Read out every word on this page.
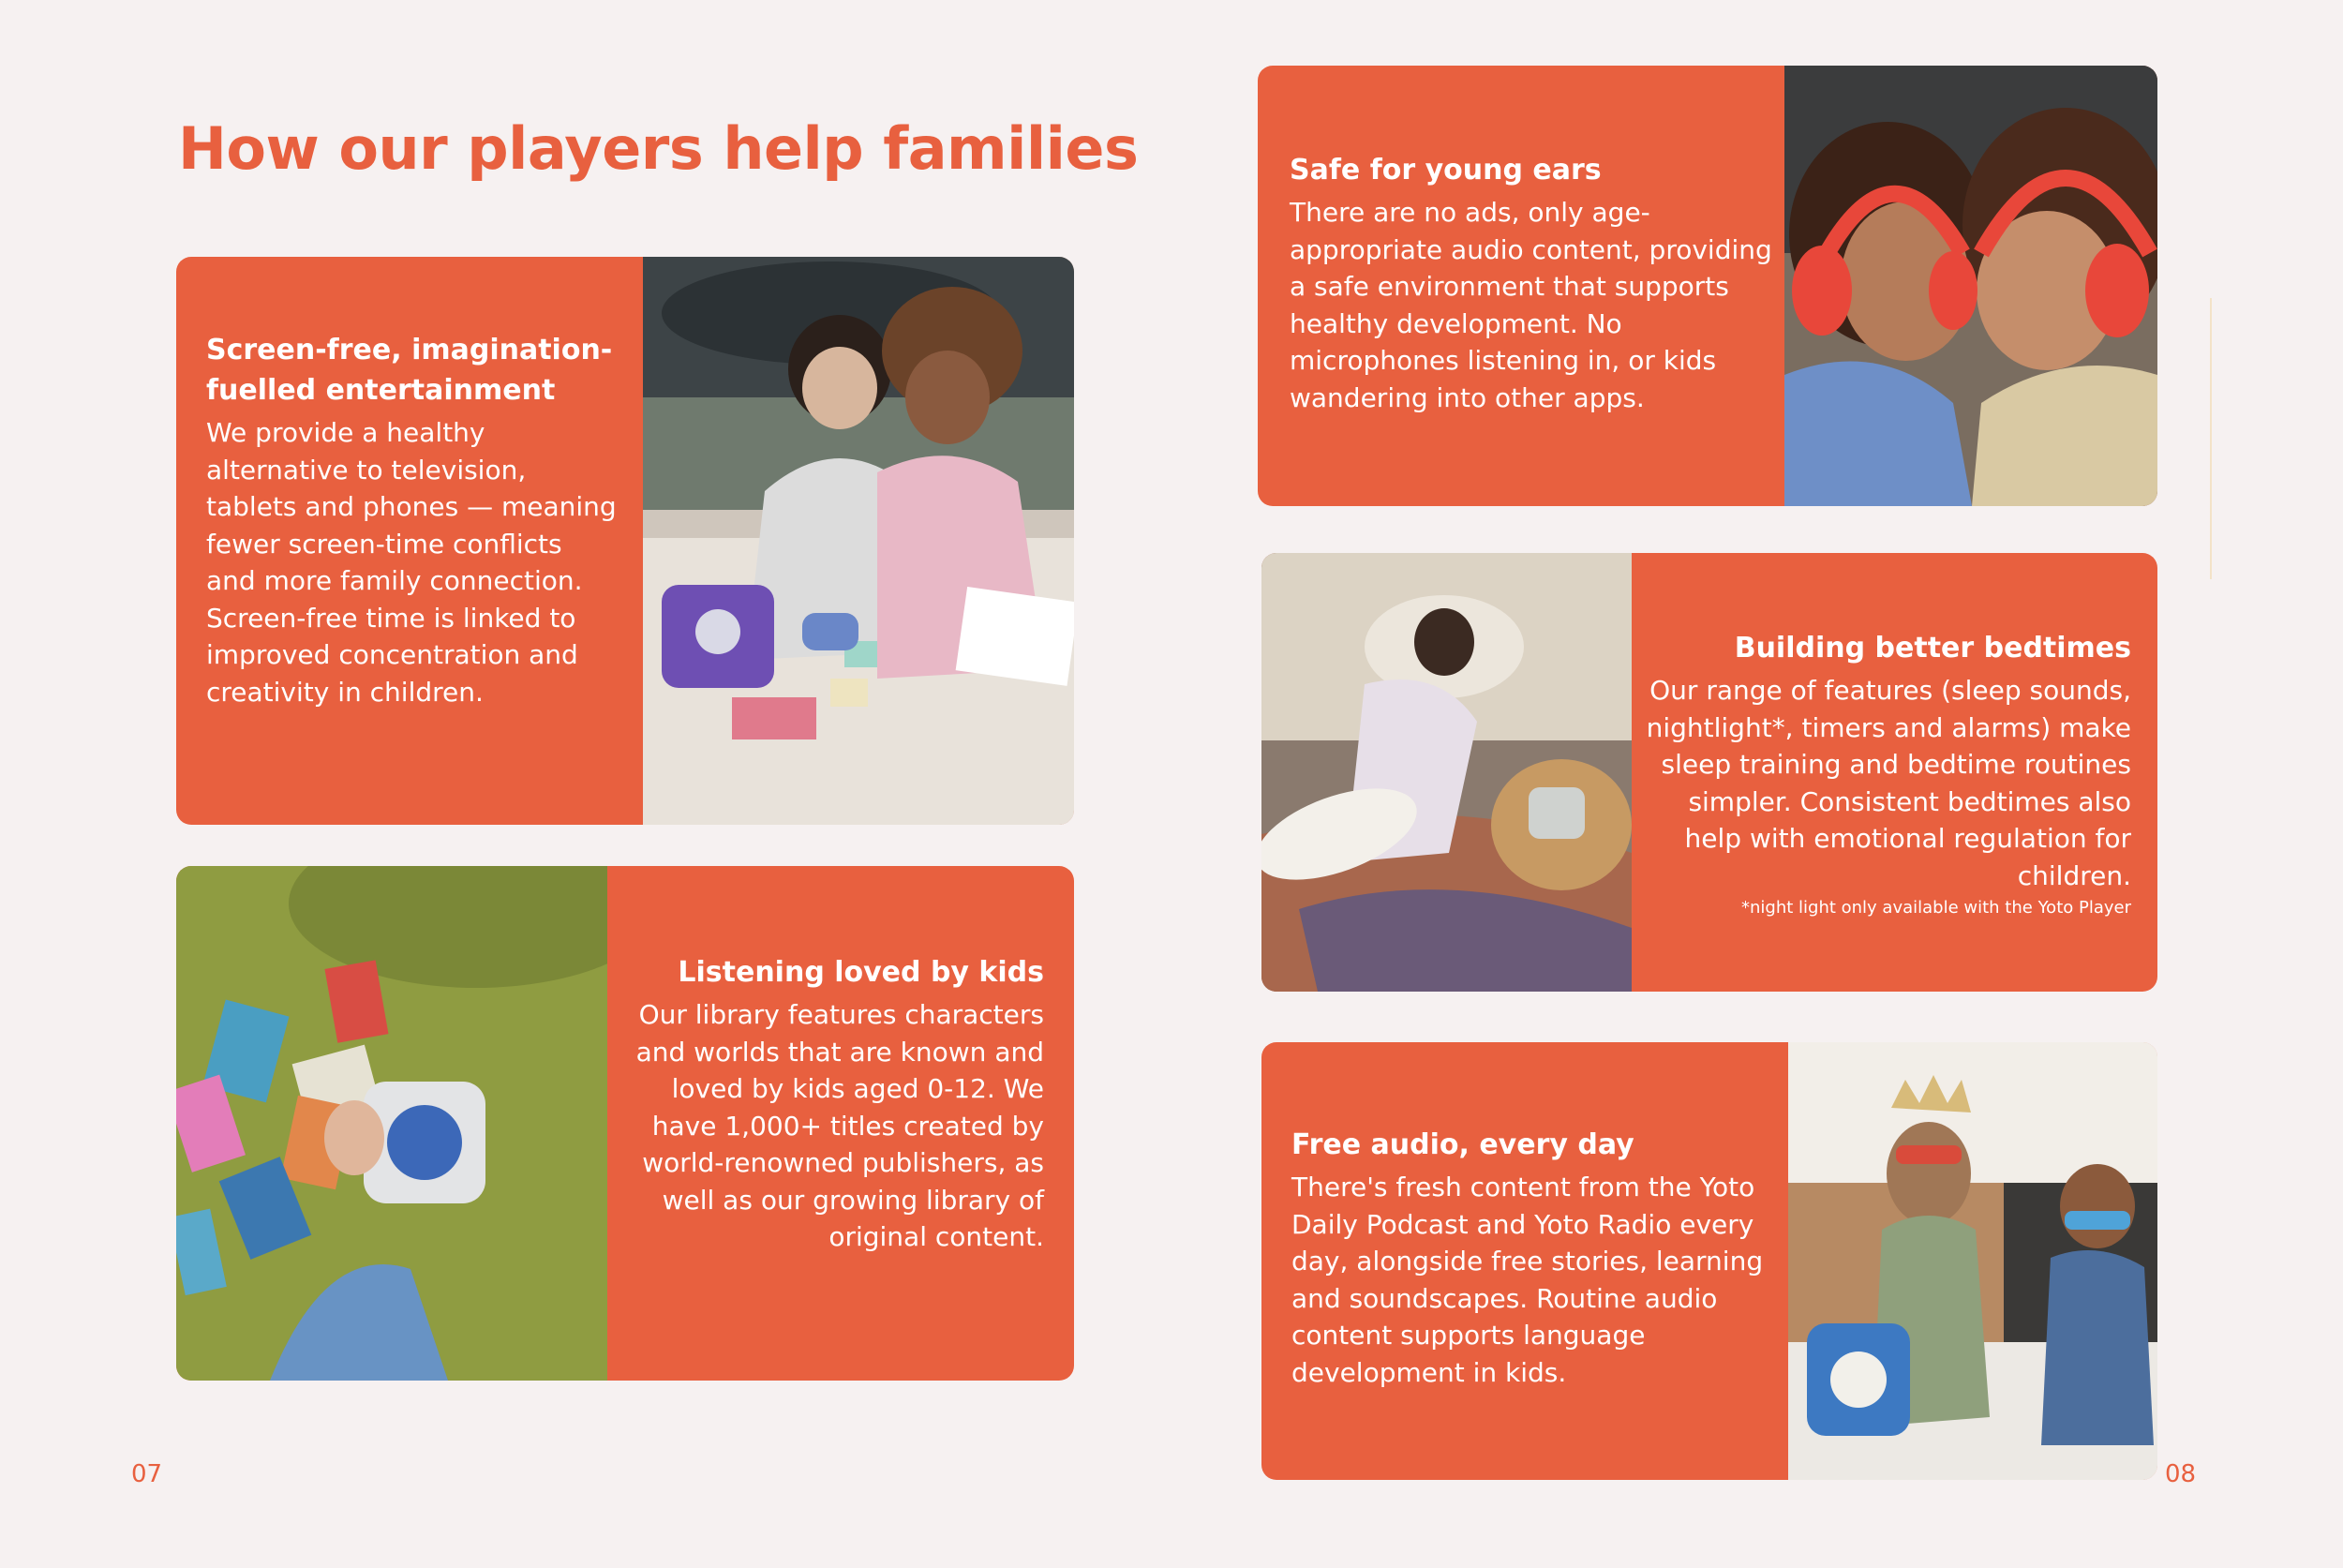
How our players help families
Screen-free, imagination-fuelled entertainment

We provide a healthy alternative to television, tablets and phones — meaning fewer screen-time conflicts and more family connection. Screen-free time is linked to improved concentration and creativity in children.

Listening loved by kids

Our library features characters and worlds that are known and loved by kids aged 0-12. We have 1,000+ titles created by world-renowned publishers, as well as our growing library of original content.

Safe for young ears

There are no ads, only age-appropriate audio content, providing a safe environment that supports healthy development. No microphones listening in, or kids wandering into other apps.

Building better bedtimes

Our range of features (sleep sounds, nightlight*, timers and alarms) make sleep training and bedtime routines simpler. Consistent bedtimes also help with emotional regulation for children.

*night light only available with the Yoto Player

Free audio, every day

There's fresh content from the Yoto Daily Podcast and Yoto Radio every day, alongside free stories, learning and soundscapes. Routine audio content supports language development in kids.

07	08
